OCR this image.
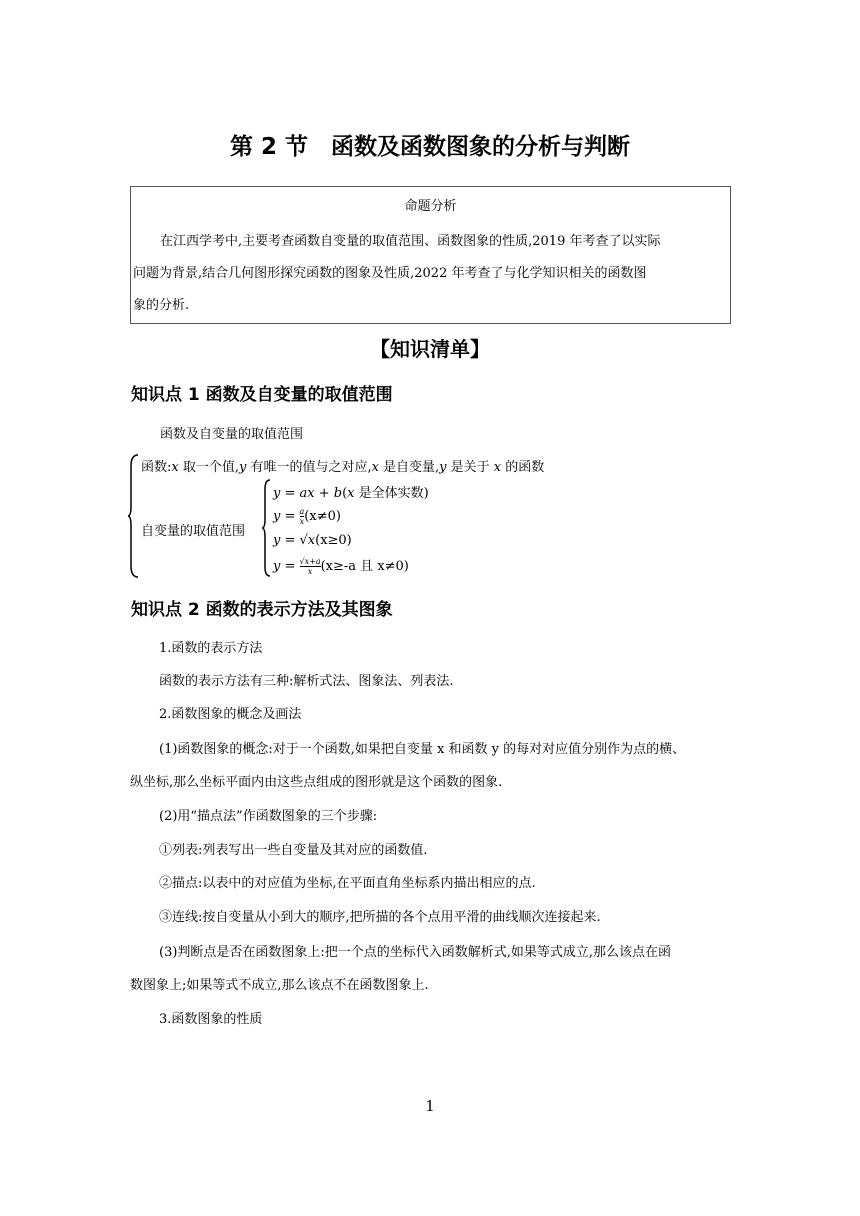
第 2 节　函数及函数图象的分析与判断
命题分析
在江西学考中,主要考查函数自变量的取值范围、函数图象的性质,2019 年考查了以实际
问题为背景,结合几何图形探究函数的图象及性质,2022 年考查了与化学知识相关的函数图
象的分析.
【知识清单】
知识点 1 函数及自变量的取值范围
函数及自变量的取值范围
函数:𝑥 取一个值,𝑦 有唯一的值与之对应,𝑥 是自变量,𝑦 是关于 𝑥 的函数
自变量的取值范围
𝑦 = 𝑎𝑥 + 𝑏(𝑥 是全体实数)
𝑦 = $\frac{a}{x} (x\ne 0)$
𝑦 = √𝑥(x≥0)
𝑦 = $\frac{√x+a}{x} (x\ge-a$ 且 x≠0)
知识点 2 函数的表示方法及其图象
1.函数的表示方法
函数的表示方法有三种:解析式法、图象法、列表法.
2.函数图象的概念及画法
(1)函数图象的概念:对于一个函数,如果把自变量 x 和函数 y 的每对对应值分别作为点的横、
纵坐标,那么坐标平面内由这些点组成的图形就是这个函数的图象.
(2)用“描点法”作函数图象的三个步骤:
①列表:列表写出一些自变量及其对应的函数值.
②描点:以表中的对应值为坐标,在平面直角坐标系内描出相应的点.
③连线:按自变量从小到大的顺序,把所描的各个点用平滑的曲线顺次连接起来.
(3)判断点是否在函数图象上:把一个点的坐标代入函数解析式,如果等式成立,那么该点在函
数图象上;如果等式不成立,那么该点不在函数图象上.
3.函数图象的性质
1
